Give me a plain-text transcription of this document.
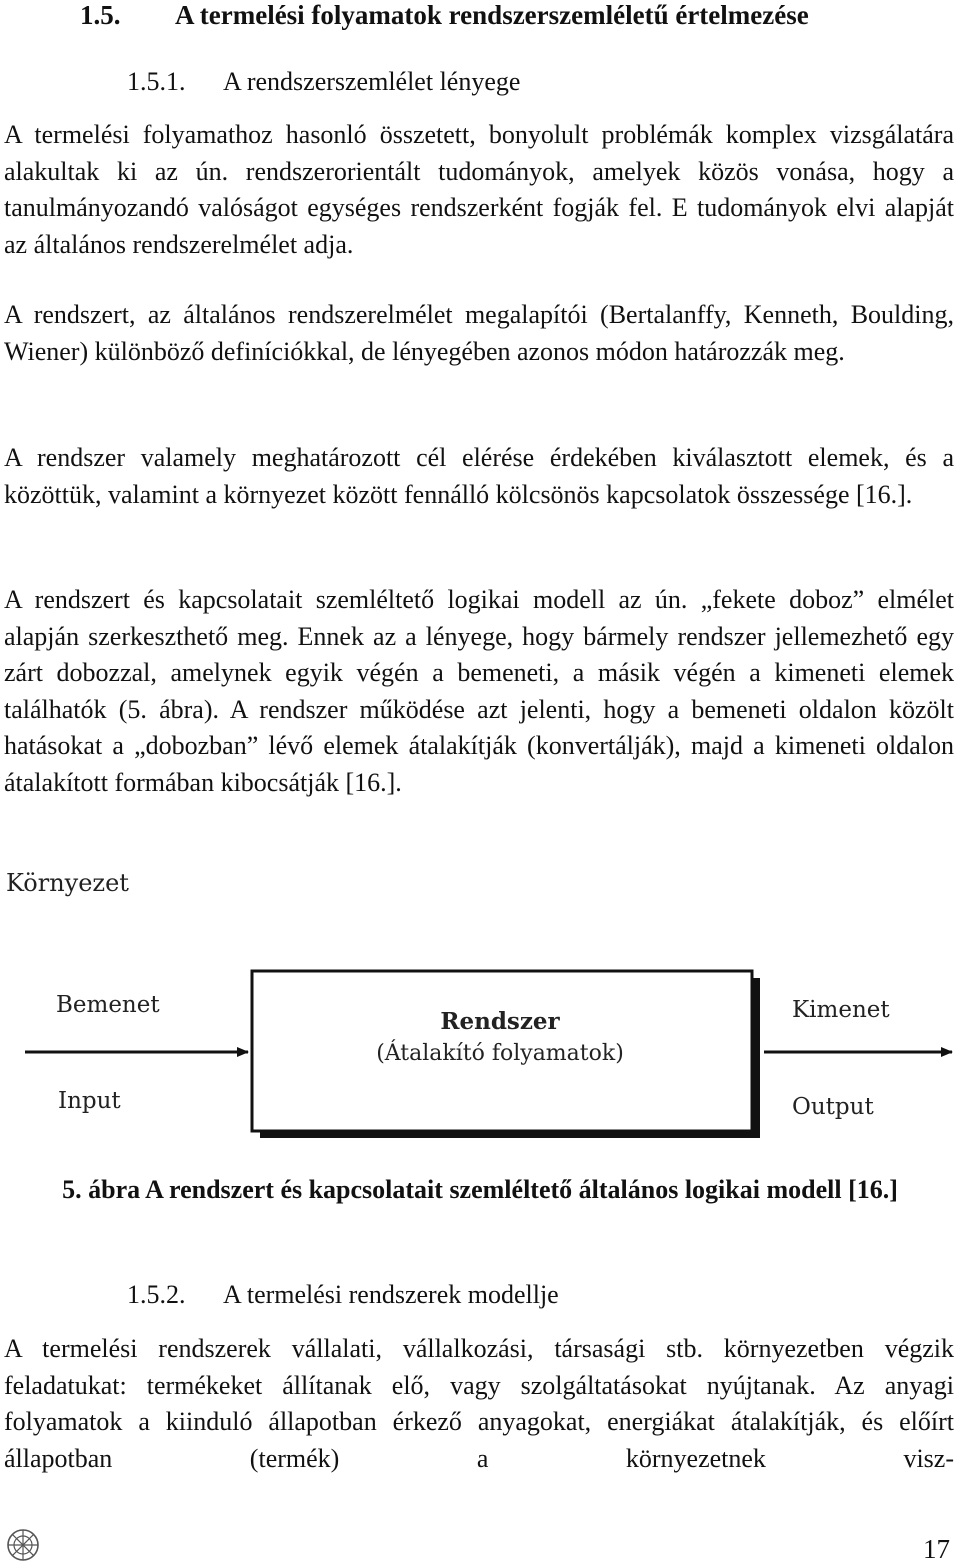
1.5. A termelési folyamatok rendszerszemléletű értelmezése
1.5.1. A rendszerszemlélet lényege
A termelési folyamathoz hasonló összetett, bonyolult problémák komplex vizsgálatára alakultak ki az ún. rendszerorientált tudományok, amelyek közös vonása, hogy a tanulmányozandó valóságot egységes rendszerként fogják fel. E tudományok elvi alapját az általános rendszerelmélet adja.
A rendszert, az általános rendszerelmélet megalapítói (Bertalanffy, Kenneth, Boulding, Wiener) különböző definíciókkal, de lényegében azonos módon határozzák meg.
A rendszer valamely meghatározott cél elérése érdekében kiválasztott elemek, és a közöttük, valamint a környezet között fennálló kölcsönös kapcsolatok összessége [16.].
A rendszert és kapcsolatait szemléltető logikai modell az ún. „fekete doboz” elmélet alapján szerkeszthető meg. Ennek az a lényege, hogy bármely rendszer jellemezhető egy zárt dobozzal, amelynek egyik végén a bemeneti, a másik végén a kimeneti elemek találhatók (5. ábra). A rendszer működése azt jelenti, hogy a bemeneti oldalon közölt hatásokat a „dobozban” lévő elemek átalakítják (konvertálják), majd a kimeneti oldalon átalakított formában kibocsátják [16.].
Környezet
Bemenet
Input
Kimenet
Output
Rendszer
(Átalakító folyamatok)
5. ábra A rendszert és kapcsolatait szemléltető általános logikai modell [16.]
1.5.2. A termelési rendszerek modellje
A termelési rendszerek vállalati, vállalkozási, társasági stb. környezetben végzik feladatukat: termékeket állítanak elő, vagy szolgáltatásokat nyújtanak. Az anyagi folyamatok a kiinduló állapotban érkező anyagokat, energiákat átalakítják, és előírt állapotban (termék) a környezetnek visz-
17
